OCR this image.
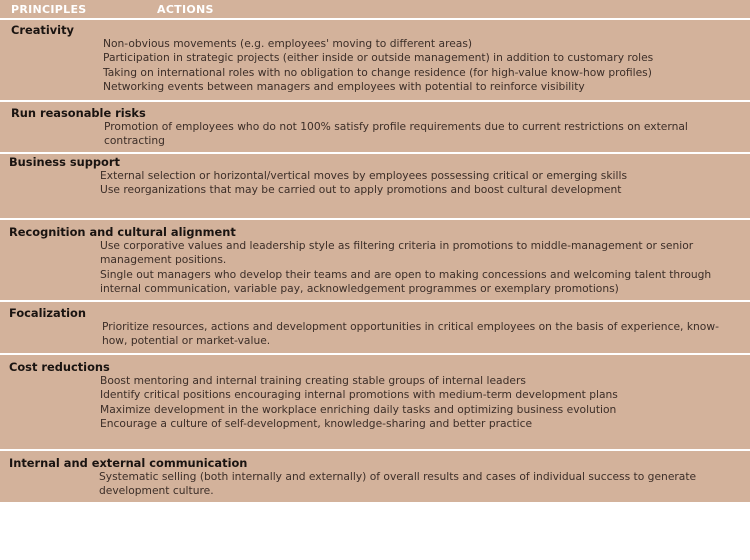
PRINCIPLES	ACTIONS
Creativity
Non-obvious movements (e.g. employees' moving to different areas)
Participation in strategic projects (either inside or outside management) in addition to customary roles
Taking on international roles with no obligation to change residence (for high-value know-how profiles)
Networking events between managers and employees with potential to reinforce visibility
Run reasonable risks
Promotion of employees who do not 100% satisfy profile requirements due to current restrictions on external contracting
Business support
External selection or horizontal/vertical moves by employees possessing critical or emerging skills
Use reorganizations that may be carried out to apply promotions and boost cultural development
Recognition and cultural alignment
Use corporative values and leadership style as filtering criteria in promotions to middle-management or senior management positions.
Single out managers who develop their teams and are open to making concessions and welcoming talent through internal communication, variable pay, acknowledgement programmes or exemplary promotions)
Focalization
Prioritize resources, actions and development opportunities in critical employees on the basis of experience, know-how, potential or market-value.
Cost reductions
Boost mentoring and internal training creating stable groups of internal leaders
Identify critical positions encouraging internal promotions with medium-term development plans
Maximize development in the workplace enriching daily tasks and optimizing business evolution
Encourage a culture of self-development, knowledge-sharing and better practice
Internal and external communication
Systematic selling (both internally and externally) of overall results and cases of individual success to generate development culture.
